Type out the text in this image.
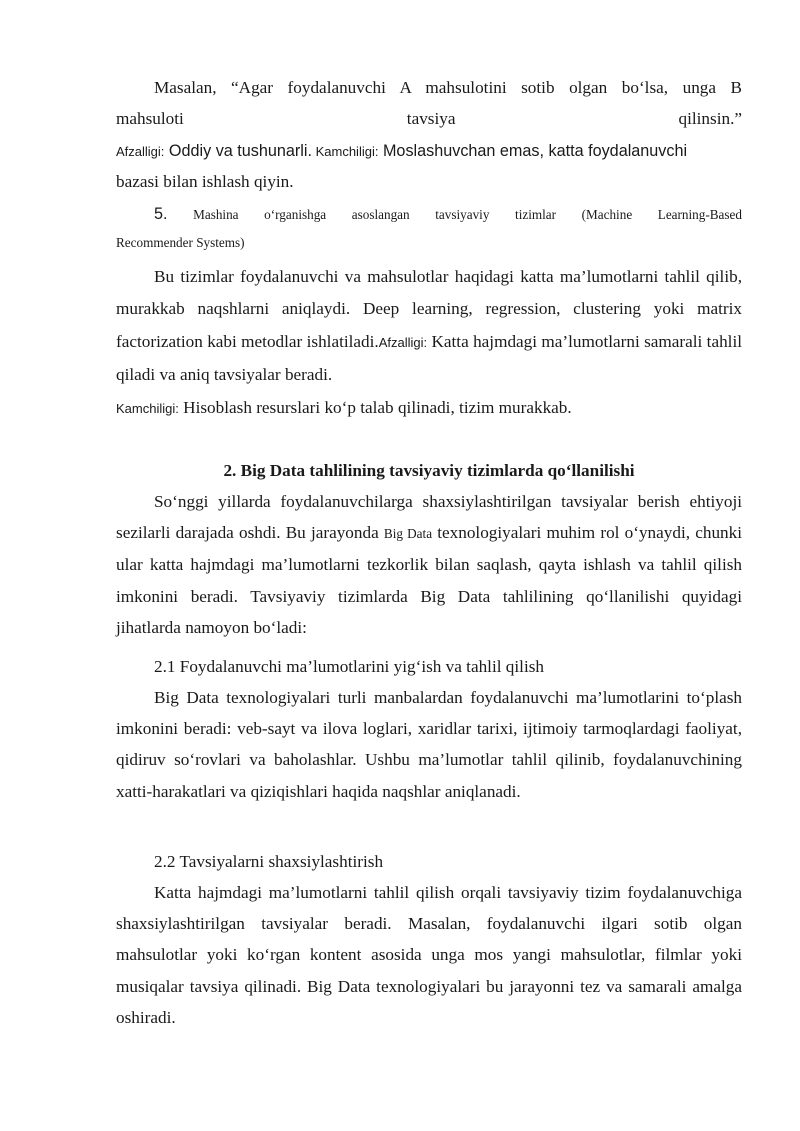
Masalan, “Agar foydalanuvchi A mahsulotini sotib olgan bo‘lsa, unga B

mahsuloti tavsiya qilinsin.”

Afzalligi: Oddiy va tushunarli. Kamchiligi: Moslashuvchan emas, katta foydalanuvchi

bazasi bilan ishlash qiyin.

5. Mashina o‘rganishga asoslangan tavsiyaviy tizimlar (Machine Learning-Based

Recommender Systems)

Bu tizimlar foydalanuvchi va mahsulotlar haqidagi katta ma’lumotlarni tahlil qilib, murakkab naqshlarni aniqlaydi. Deep learning, regression, clustering yoki matrix factorization kabi metodlar ishlatiladi.Afzalligi: Katta hajmdagi ma’lumotlarni samarali tahlil qiladi va aniq tavsiyalar beradi.
Kamchiligi: Hisoblash resurslari ko‘p talab qilinadi, tizim murakkab.

2. Big Data tahlilining tavsiyaviy tizimlarda qo‘llanilishi

So‘nggi yillarda foydalanuvchilarga shaxsiylashtirilgan tavsiyalar berish ehtiyoji sezilarli darajada oshdi. Bu jarayonda Big Data texnologiyalari muhim rol o‘ynaydi, chunki ular katta hajmdagi ma’lumotlarni tezkorlik bilan saqlash, qayta ishlash va tahlil qilish imkonini beradi. Tavsiyaviy tizimlarda Big Data tahlilining qo‘llanilishi quyidagi jihatlarda namoyon bo‘ladi:

2.1 Foydalanuvchi ma’lumotlarini yig‘ish va tahlil qilish

Big Data texnologiyalari turli manbalardan foydalanuvchi ma’lumotlarini to‘plash imkonini beradi: veb-sayt va ilova loglari, xaridlar tarixi, ijtimoiy tarmoqlardagi faoliyat, qidiruv so‘rovlari va baholashlar. Ushbu ma’lumotlar tahlil qilinib, foydalanuvchining xatti-harakatlari va qiziqishlari haqida naqshlar aniqlanadi.

2.2 Tavsiyalarni shaxsiylashtirish

Katta hajmdagi ma’lumotlarni tahlil qilish orqali tavsiyaviy tizim foydalanuvchiga shaxsiylashtirilgan tavsiyalar beradi. Masalan, foydalanuvchi ilgari sotib olgan mahsulotlar yoki ko‘rgan kontent asosida unga mos yangi mahsulotlar, filmlar yoki musiqalar tavsiya qilinadi. Big Data texnologiyalari bu jarayonni tez va samarali amalga oshiradi.
